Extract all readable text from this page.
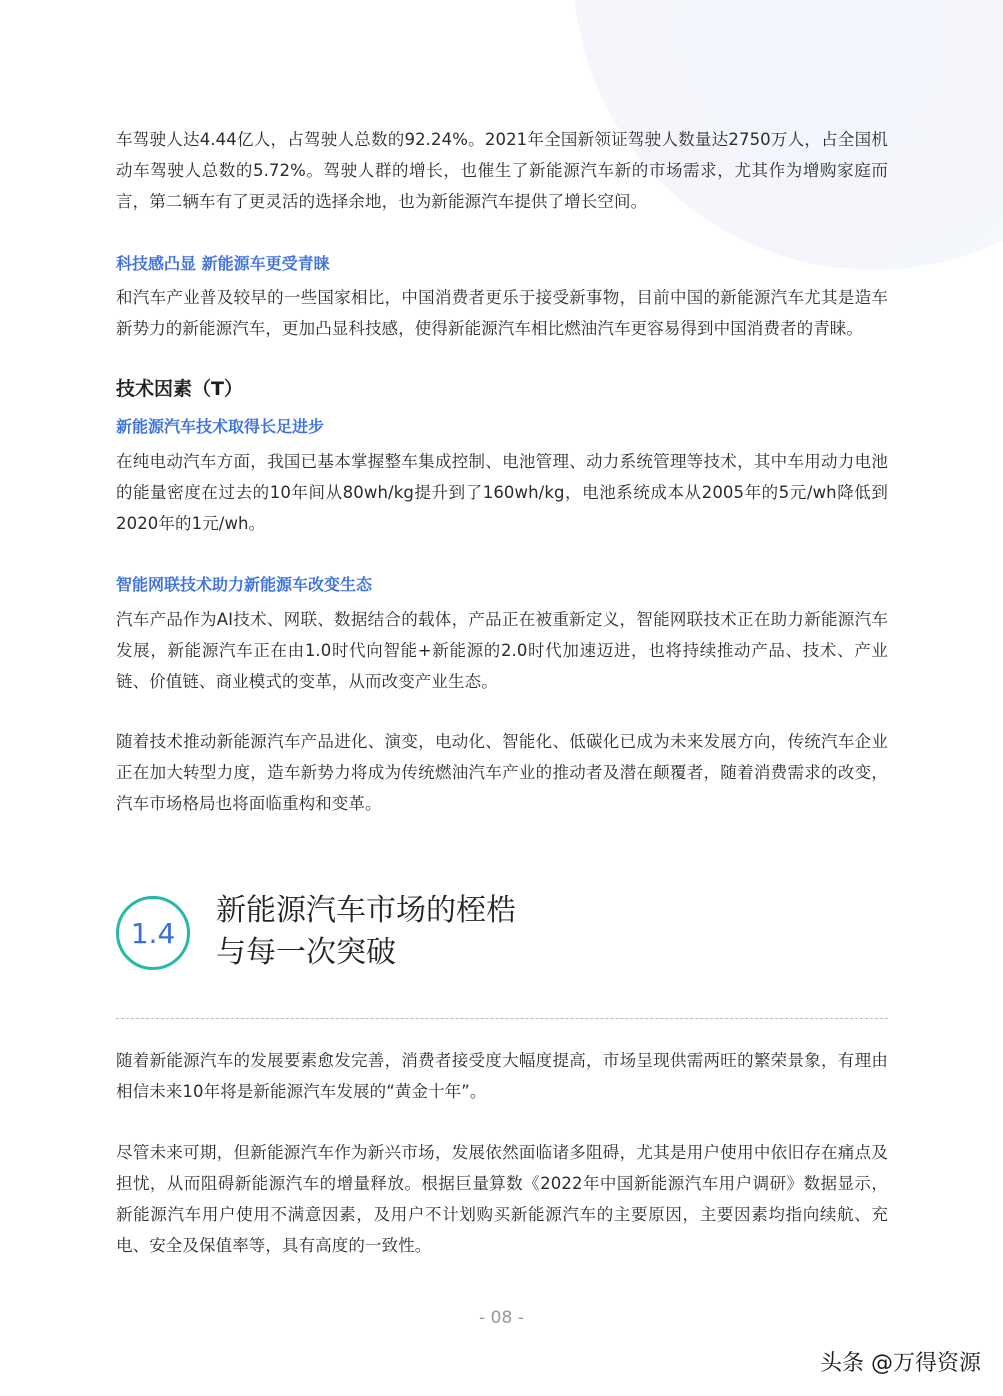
车驾驶人达4.44亿人，占驾驶人总数的92.24%。2021年全国新领证驾驶人数量达2750万人，占全国机动车驾驶人总数的5.72%。驾驶人群的增长，也催生了新能源汽车新的市场需求，尤其作为增购家庭而言，第二辆车有了更灵活的选择余地，也为新能源汽车提供了增长空间。

科技感凸显 新能源车更受青睐

和汽车产业普及较早的一些国家相比，中国消费者更乐于接受新事物，目前中国的新能源汽车尤其是造车新势力的新能源汽车，更加凸显科技感，使得新能源汽车相比燃油汽车更容易得到中国消费者的青睐。

技术因素（T）
新能源汽车技术取得长足进步

在纯电动汽车方面，我国已基本掌握整车集成控制、电池管理、动力系统管理等技术，其中车用动力电池的能量密度在过去的10年间从80wh/kg提升到了160wh/kg，电池系统成本从2005年的5元/wh降低到2020年的1元/wh。

智能网联技术助力新能源车改变生态

汽车产品作为AI技术、网联、数据结合的载体，产品正在被重新定义，智能网联技术正在助力新能源汽车发展，新能源汽车正在由1.0时代向智能+新能源的2.0时代加速迈进，也将持续推动产品、技术、产业链、价值链、商业模式的变革，从而改变产业生态。

随着技术推动新能源汽车产品进化、演变，电动化、智能化、低碳化已成为未来发展方向，传统汽车企业正在加大转型力度，造车新势力将成为传统燃油汽车产业的推动者及潜在颠覆者，随着消费需求的改变，汽车市场格局也将面临重构和变革。

随着新能源汽车的发展要素愈发完善，消费者接受度大幅度提高，市场呈现供需两旺的繁荣景象，有理由相信未来10年将是新能源汽车发展的“黄金十年”。

尽管未来可期，但新能源汽车作为新兴市场，发展依然面临诸多阻碍，尤其是用户使用中依旧存在痛点及担忧，从而阻碍新能源汽车的增量释放。根据巨量算数《2022年中国新能源汽车用户调研》数据显示，新能源汽车用户使用不满意因素，及用户不计划购买新能源汽车的主要原因，主要因素均指向续航、充电、安全及保值率等，具有高度的一致性。

1.4
新能源汽车市场的桎梏
与每一次突破
- 08 -
头条 @万得资源
